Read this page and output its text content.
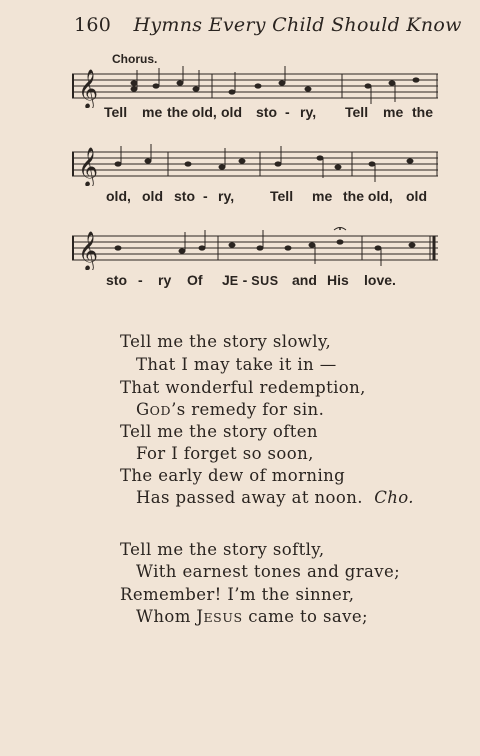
160 Hymns Every Child Should Know
Chorus.
𝄞
Tell me the old, old sto - ry, Tell me the
𝄞
old, old sto - ry,	Tell me the old, old
𝄞
sto - ry Of JE - SUS and His love.
Tell me the story slowly,
That I may take it in —
That wonderful redemption,
GOD’s remedy for sin.
Tell me the story often
For I forget so soon,
The early dew of morning
Has passed away at noon. Cho.
Tell me the story softly,
With earnest tones and grave;
Remember! I’m the sinner,
Whom JESUS came to save;
